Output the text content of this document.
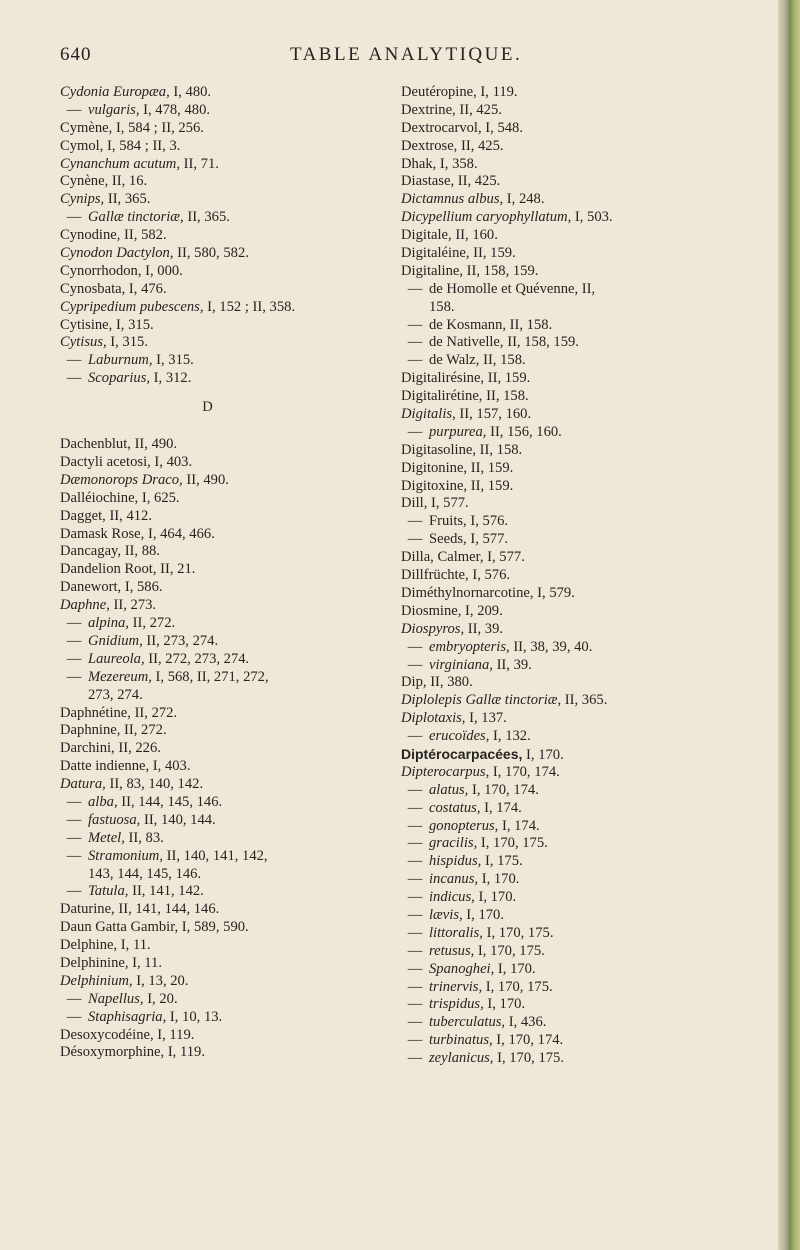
640	TABLE ANALYTIQUE.
Cydonia Europæa, I, 480.
— vulgaris, I, 478, 480.
Cymène, I, 584 ; II, 256.
Cymol, I, 584 ; II, 3.
Cynanchum acutum, II, 71.
Cynène, II, 16.
Cynips, II, 365.
— Gallæ tinctoriæ, II, 365.
Cynodine, II, 582.
Cynodon Dactylon, II, 580, 582.
Cynorrhodon, I, 000.
Cynosbata, I, 476.
Cypripedium pubescens, I, 152 ; II, 358.
Cytisine, I, 315.
Cytisus, I, 315.
— Laburnum, I, 315.
— Scoparius, I, 312.
D
Dachenblut, II, 490.
Dactyli acetosi, I, 403.
Dæmonorops Draco, II, 490.
Dalléiochine, I, 625.
Dagget, II, 412.
Damask Rose, I, 464, 466.
Dancagay, II, 88.
Dandelion Root, II, 21.
Danewort, I, 586.
Daphne, II, 273.
— alpina, II, 272.
— Gnidium, II, 273, 274.
— Laureola, II, 272, 273, 274.
— Mezereum, I, 568, II, 271, 272,
273, 274.
Daphnétine, II, 272.
Daphnine, II, 272.
Darchini, II, 226.
Datte indienne, I, 403.
Datura, II, 83, 140, 142.
— alba, II, 144, 145, 146.
— fastuosa, II, 140, 144.
— Metel, II, 83.
— Stramonium, II, 140, 141, 142,
143, 144, 145, 146.
— Tatula, II, 141, 142.
Daturine, II, 141, 144, 146.
Daun Gatta Gambir, I, 589, 590.
Delphine, I, 11.
Delphinine, I, 11.
Delphinium, I, 13, 20.
— Napellus, I, 20.
— Staphisagria, I, 10, 13.
Desoxycodéine, I, 119.
Désoxymorphine, I, 119.
Deutéropine, I, 119.
Dextrine, II, 425.
Dextrocarvol, I, 548.
Dextrose, II, 425.
Dhak, I, 358.
Diastase, II, 425.
Dictamnus albus, I, 248.
Dicypellium caryophyllatum, I, 503.
Digitale, II, 160.
Digitaléine, II, 159.
Digitaline, II, 158, 159.
— de Homolle et Quévenne, II,
158.
— de Kosmann, II, 158.
— de Nativelle, II, 158, 159.
— de Walz, II, 158.
Digitalirésine, II, 159.
Digitalirétine, II, 158.
Digitalis, II, 157, 160.
— purpurea, II, 156, 160.
Digitasoline, II, 158.
Digitonine, II, 159.
Digitoxine, II, 159.
Dill, I, 577.
— Fruits, I, 576.
— Seeds, I, 577.
Dilla, Calmer, I, 577.
Dillfrüchte, I, 576.
Diméthylnornarcotine, I, 579.
Diosmine, I, 209.
Diospyros, II, 39.
— embryopteris, II, 38, 39, 40.
— virginiana, II, 39.
Dip, II, 380.
Diplolepis Gallæ tinctoriæ, II, 365.
Diplotaxis, I, 137.
— erucoïdes, I, 132.
Diptérocarpacées, I, 170.
Dipterocarpus, I, 170, 174.
— alatus, I, 170, 174.
— costatus, I, 174.
— gonopterus, I, 174.
— gracilis, I, 170, 175.
— hispidus, I, 175.
— incanus, I, 170.
— indicus, I, 170.
— lævis, I, 170.
— littoralis, I, 170, 175.
— retusus, I, 170, 175.
— Spanoghei, I, 170.
— trinervis, I, 170, 175.
— trispidus, I, 170.
— tuberculatus, I, 436.
— turbinatus, I, 170, 174.
— zeylanicus, I, 170, 175.
